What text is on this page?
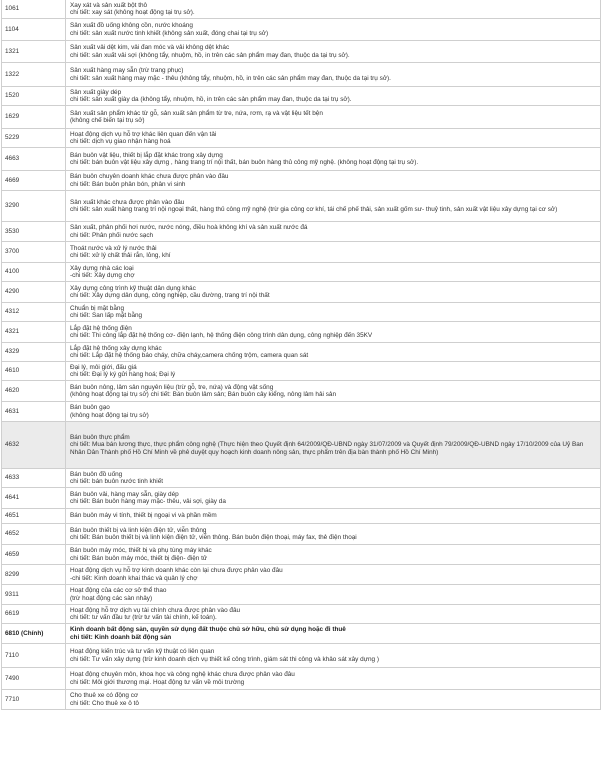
1061	Xay xát và sản xuất bột thô
chi tiết: xay sát (không hoạt động tại trụ sở).

1104	Sản xuất đồ uống không cồn, nước khoáng
chi tiết: sản xuất nước tinh khiết (không sản xuất, đóng chai tại trụ sở)

1321	Sản xuất vải dệt kim, vải đan móc và vải không dệt khác
chi tiết: sản xuất vải sợi (không tẩy, nhuộm, hồ, in trên các sản phẩm may đan, thuộc da tại trụ sở).

1322	Sản xuất hàng may sẵn (trừ trang phục)
chi tiết: sản xuất hàng may mặc - thêu (không tẩy, nhuộm, hồ, in trên các sản phẩm may đan, thuộc da tại trụ sở).

1520	Sản xuất giày dép
chi tiết: sản xuất giày da (không tẩy, nhuộm, hồ, in trên các sản phẩm may đan, thuộc da tại trụ sở).

1629	Sản xuất sản phẩm khác từ gỗ, sản xuất sản phẩm từ tre, nứa, rơm, rạ và vật liệu tết bện
(không chế biến tại trụ sở)

5229	Hoạt động dịch vụ hỗ trợ khác liên quan đến vận tải
chi tiết: dịch vụ giao nhận hàng hoá

4663	Bán buôn vật liệu, thiết bị lắp đặt khác trong xây dựng
chi tiết: bán buôn vật liệu xây dựng , hàng trang trí nội thất, bán buôn hàng thủ công mỹ nghệ. (không hoạt động tại trụ sở).

4669	Bán buôn chuyên doanh khác chưa được phân vào đâu
chi tiết: Bán buôn phân bón, phân vi sinh

3290	Sản xuất khác chưa được phân vào đâu
chi tiết: sản xuất hàng trang trí nội ngoại thất, hàng thủ công mỹ nghệ (trừ gia công cơ khí, tái chế phế thải, sản xuất gốm sư- thuỷ tinh, sản xuất vật liệu xây dựng tại cơ sở)

3530	Sản xuất, phân phối hơi nước, nước nóng, điều hoà không khí và sản xuất nước đá
chi tiết: Phân phối nước sạch

3700	Thoát nước và xử lý nước thải
chi tiết: xử lý chất thải rắn, lỏng, khí

4100	Xây dựng nhà các loại
-chi tiết: Xây dựng chợ

4290	Xây dựng công trình kỹ thuật dân dụng khác
chi tiết: Xây dựng dân dụng, công nghiệp, cầu đường, trang trí nội thất

4312	Chuẩn bị mặt bằng
chi tiết: San lấp mặt bằng

4321	Lắp đặt hệ thống điện
chi tiết: Thi công lắp đặt hệ thống cơ- điện lạnh, hệ thống điện công trình dân dụng, công nghiệp đến 35KV

4329	Lắp đặt hệ thống xây dựng khác
chi tiết: Lắp đặt hệ thống báo cháy, chữa cháy,camera chống trộm, camera quan sát

4610	Đại lý, môi giới, đấu giá
chi tiết: Đại lý ký gửi hàng hoá; Đại lý

4620	Bán buôn nông, lâm sản nguyên liệu (trừ gỗ, tre, nứa) và động vật sống
(không hoạt động tại trụ sở) chi tiết: Bán buôn lâm sản; Bán buôn cây kiểng, nông lâm hải sản

4631	Bán buôn gạo
(không hoạt động tại trụ sở)

4632	Bán buôn thực phẩm
chi tiết: Mua bán lương thực, thực phẩm công nghệ (Thực hiện theo Quyết định 64/2009/QĐ-UBND ngày 31/07/2009 và Quyết định 79/2009/QĐ-UBND ngày 17/10/2009 của Uỷ Ban Nhân Dân Thành phố Hồ Chí Minh về phê duyệt quy hoạch kinh doanh nông sản, thực phẩm trên địa bàn thành phố Hồ Chí Minh)

4633	Bán buôn đồ uống
chi tiết: bán buôn nước tinh khiết

4641	Bán buôn vải, hàng may sẵn, giày dép
chi tiết: Bán buôn hàng may mặc- thêu, vải sợi, giày da

4651	Bán buôn máy vi tính, thiết bị ngoại vi và phần mềm

4652	Bán buôn thiết bị và linh kiện điện tử, viễn thông
chi tiết: Bán buôn thiết bị và linh kiện điện tử, viễn thông. Bán buôn điện thoại, máy fax, thẻ điện thoại

4659	Bán buôn máy móc, thiết bị và phụ tùng máy khác
chi tiết: Bán buôn máy móc, thiết bị điện- điện tử

8299	Hoạt động dịch vụ hỗ trợ kinh doanh khác còn lại chưa được phân vào đâu
-chi tiết: Kinh doanh khai thác và quản lý chợ

9311	Hoạt động của các cơ sở thể thao
(trừ hoạt động các sàn nhảy)

6619	Hoạt động hỗ trợ dịch vụ tài chính chưa được phân vào đâu
chi tiết: tư vấn đầu tư (trừ tư vấn tài chính, kế toán).

6810 (Chính)	Kinh doanh bất động sản, quyền sử dụng đất thuộc chủ sở hữu, chủ sử dụng hoặc đi thuê
chi tiết: Kinh doanh bất động sản

7110	Hoạt động kiến trúc và tư vấn kỹ thuật có liên quan
chi tiết: Tư vấn xây dựng (trừ kinh doanh dịch vụ thiết kế công trình, giám sát thi công và khảo sát xây dựng )

7490	Hoạt động chuyên môn, khoa học và công nghệ khác chưa được phân vào đâu
chi tiết: Môi giới thương mại. Hoạt động tư vấn về môi trường

7710	Cho thuê xe có động cơ
chi tiết: Cho thuê xe ô tô
